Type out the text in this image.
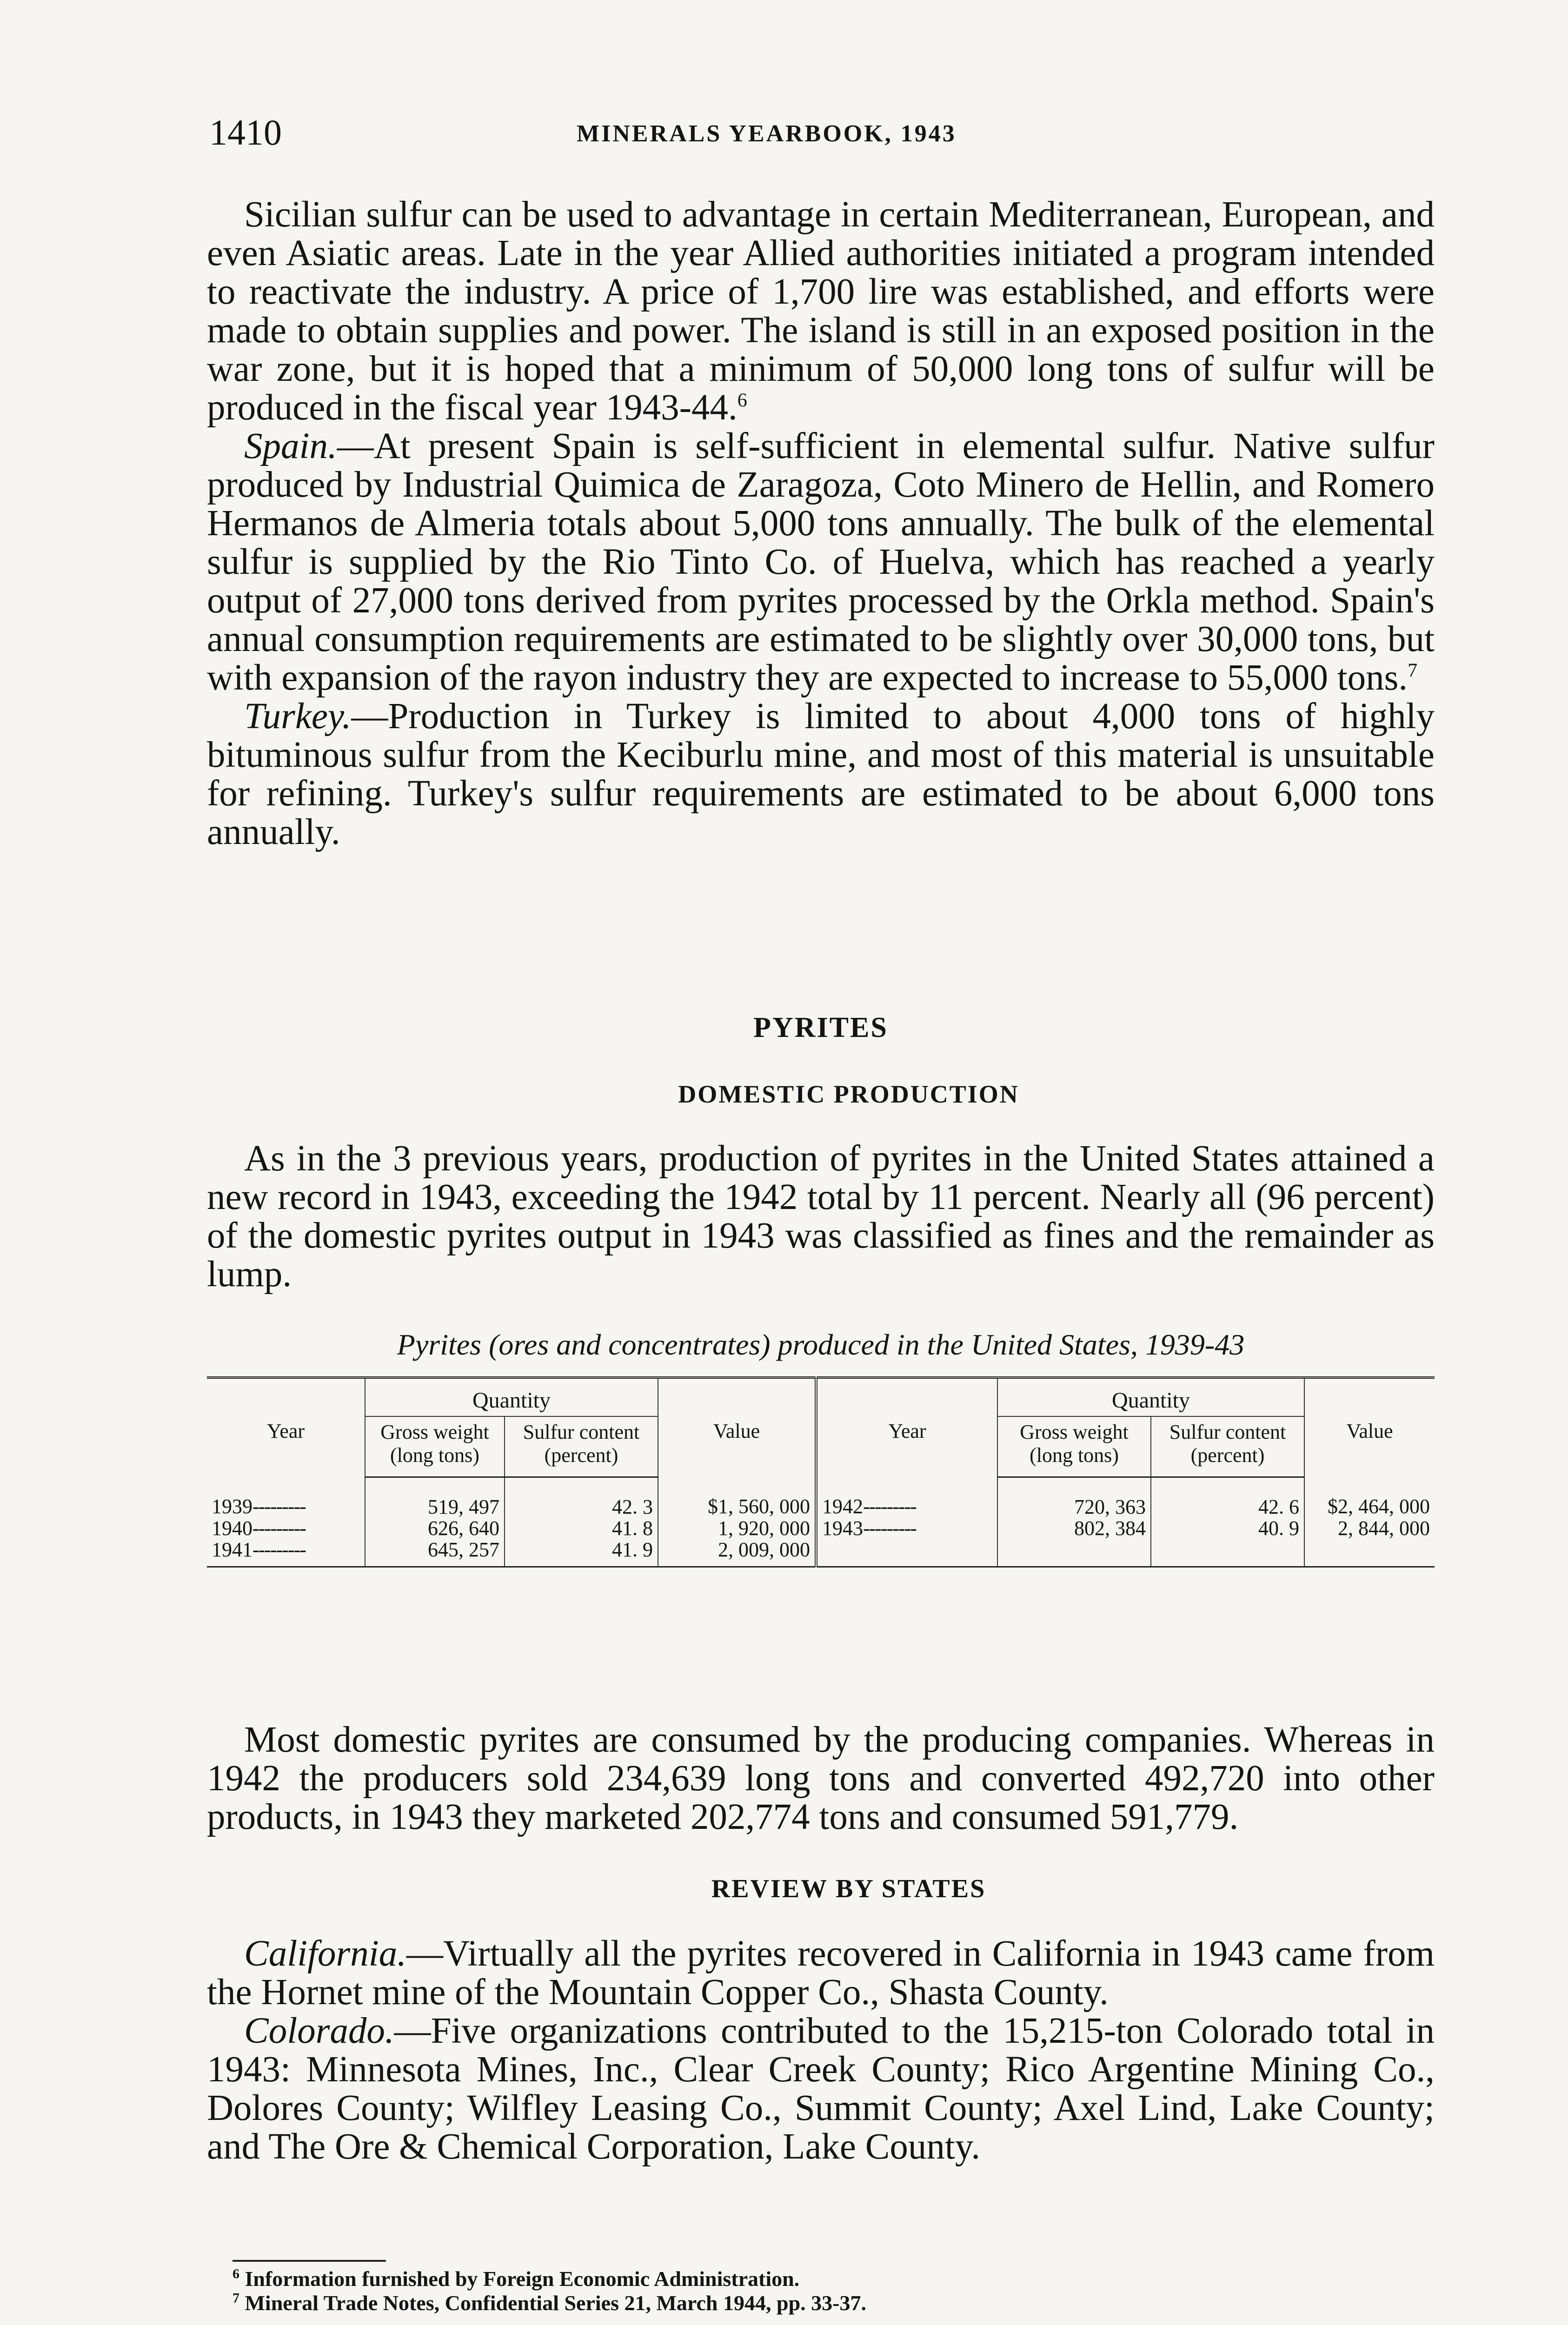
1410	MINERALS YEARBOOK, 1943

Sicilian sulfur can be used to advantage in certain Mediterranean, European, and even Asiatic areas. Late in the year Allied authorities initiated a program intended to reactivate the industry. A price of 1,700 lire was established, and efforts were made to obtain supplies and power. The island is still in an exposed position in the war zone, but it is hoped that a minimum of 50,000 long tons of sulfur will be produced in the fiscal year 1943-44.$^6$

Spain.—At present Spain is self-sufficient in elemental sulfur. Native sulfur produced by Industrial Quimica de Zaragoza, Coto Minero de Hellin, and Romero Hermanos de Almeria totals about 5,000 tons annually. The bulk of the elemental sulfur is supplied by the Rio Tinto Co. of Huelva, which has reached a yearly output of 27,000 tons derived from pyrites processed by the Orkla method. Spain's annual consumption requirements are estimated to be slightly over 30,000 tons, but with expansion of the rayon industry they are expected to increase to 55,000 tons.$^7$

Turkey.—Production in Turkey is limited to about 4,000 tons of highly bituminous sulfur from the Keciburlu mine, and most of this material is unsuitable for refining. Turkey's sulfur requirements are estimated to be about 6,000 tons annually.

PYRITES
DOMESTIC PRODUCTION

As in the 3 previous years, production of pyrites in the United States attained a new record in 1943, exceeding the 1942 total by 11 percent. Nearly all (96 percent) of the domestic pyrites output in 1943 was classified as fines and the remainder as lump.

Pyrites (ores and concentrates) produced in the United States, 1939-43
Year	Quantity		Value	Year	Quantity		Value
	Gross weight (long tons)	Sulfur content (percent)			Gross weight (long tons)	Sulfur content (percent)	
1939---------	519, 497	42. 3	$1, 560, 000	1942---------	720, 363	42. 6	$2, 464, 000
1940---------	626, 640	41. 8	1, 920, 000	1943---------	802, 384	40. 9	2, 844, 000
1941---------	645, 257	41. 9	2, 009, 000				

Most domestic pyrites are consumed by the producing companies. Whereas in 1942 the producers sold 234,639 long tons and converted 492,720 into other products, in 1943 they marketed 202,774 tons and consumed 591,779.

REVIEW BY STATES

California.—Virtually all the pyrites recovered in California in 1943 came from the Hornet mine of the Mountain Copper Co., Shasta County.

Colorado.—Five organizations contributed to the 15,215-ton Colorado total in 1943: Minnesota Mines, Inc., Clear Creek County; Rico Argentine Mining Co., Dolores County; Wilfley Leasing Co., Summit County; Axel Lind, Lake County; and The Ore & Chemical Corporation, Lake County.

$^6$ Information furnished by Foreign Economic Administration.

$^7$ Mineral Trade Notes, Confidential Series 21, March 1944, pp. 33-37.
